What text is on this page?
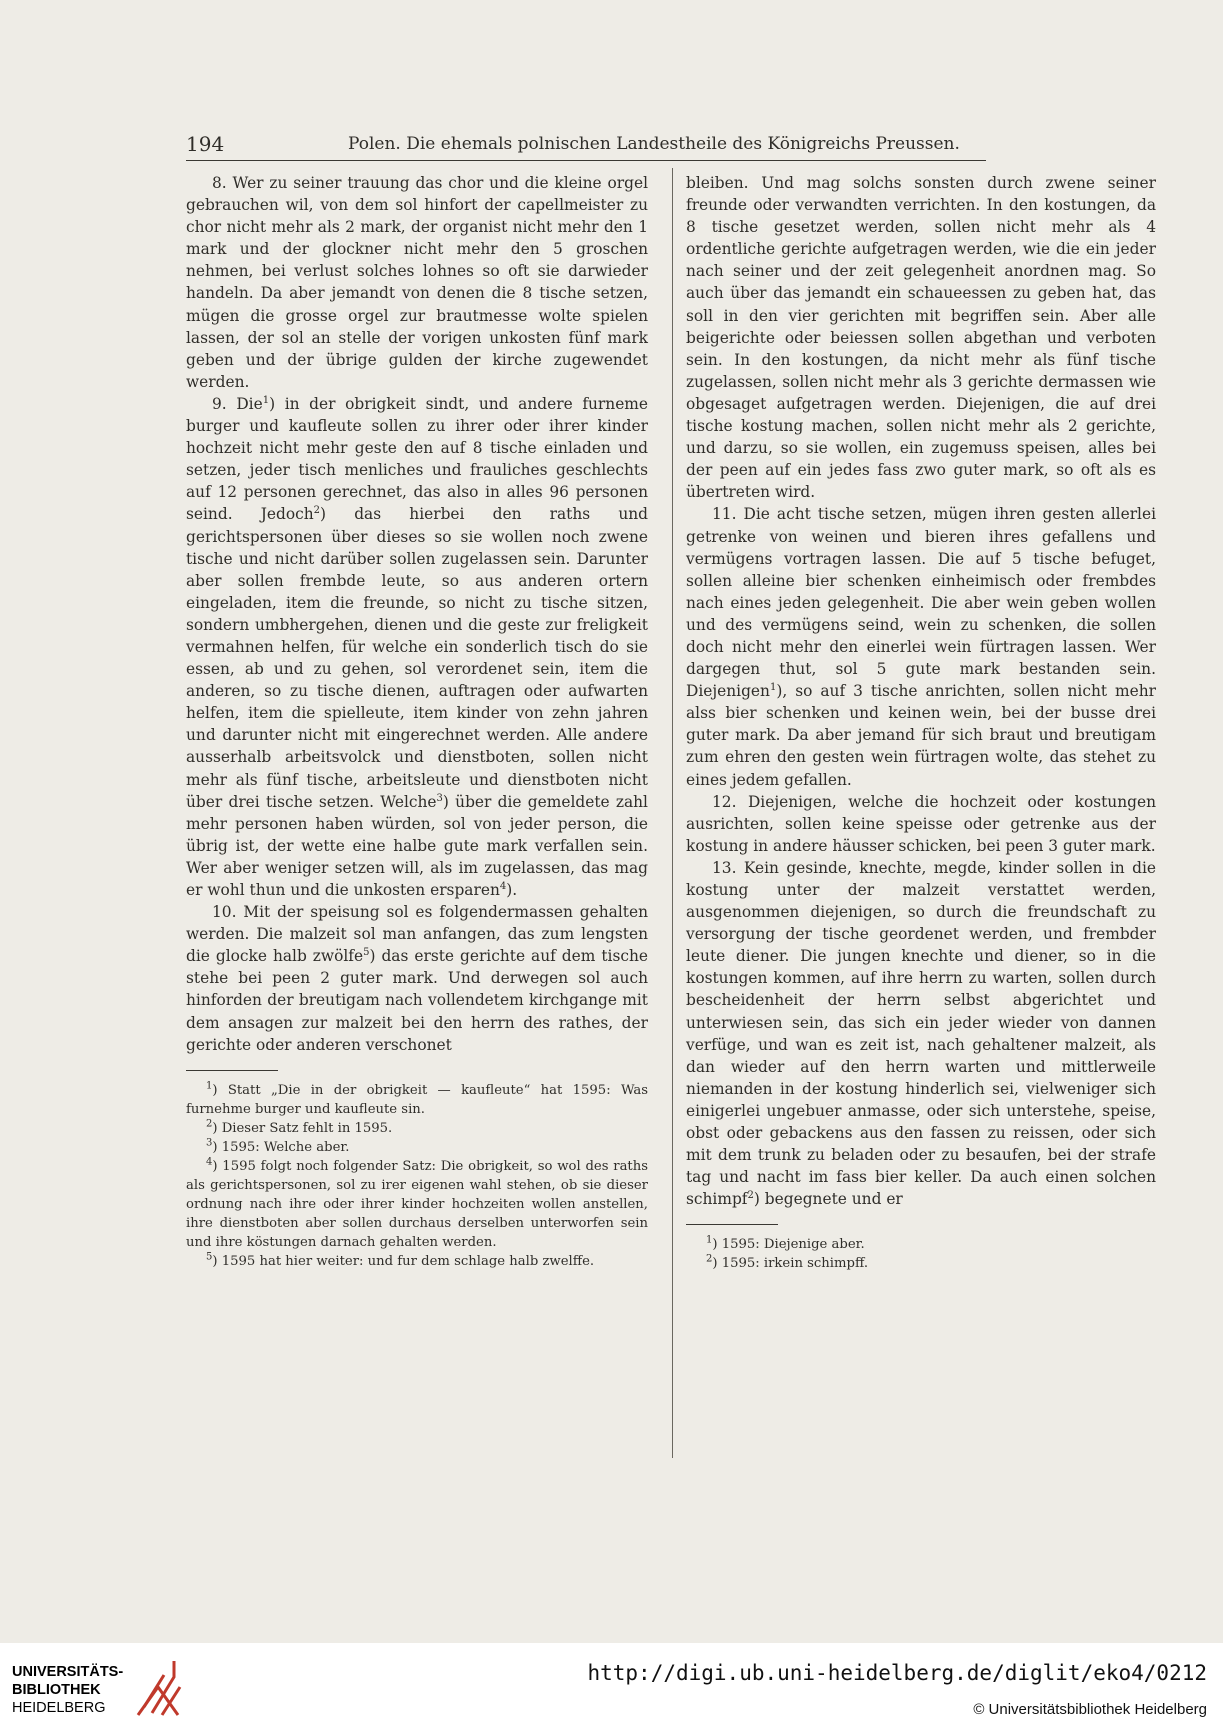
194	Polen. Die ehemals polnischen Landestheile des Königreichs Preussen.

8. Wer zu seiner trauung das chor und die kleine orgel gebrauchen wil, von dem sol hinfort der capellmeister zu chor nicht mehr als 2 mark, der organist nicht mehr den 1 mark und der glockner nicht mehr den 5 groschen nehmen, bei verlust solches lohnes so oft sie darwieder handeln. Da aber jemandt von denen die 8 tische setzen, mügen die grosse orgel zur brautmesse wolte spielen lassen, der sol an stelle der vorigen unkosten fünf mark geben und der übrige gulden der kirche zugewendet werden.

9. Die$^1$) in der obrigkeit sindt, und andere furneme burger und kaufleute sollen zu ihrer oder ihrer kinder hochzeit nicht mehr geste den auf 8 tische einladen und setzen, jeder tisch menliches und frauliches geschlechts auf 12 personen gerechnet, das also in alles 96 personen seind. Jedoch$^2$) das hierbei den raths und gerichtspersonen über dieses so sie wollen noch zwene tische und nicht darüber sollen zugelassen sein. Darunter aber sollen frembde leute, so aus anderen ortern eingeladen, item die freunde, so nicht zu tische sitzen, sondern umbhergehen, dienen und die geste zur freligkeit vermahnen helfen, für welche ein sonderlich tisch do sie essen, ab und zu gehen, sol verordenet sein, item die anderen, so zu tische dienen, auftragen oder aufwarten helfen, item die spielleute, item kinder von zehn jahren und darunter nicht mit eingerechnet werden. Alle andere ausserhalb arbeitsvolck und dienstboten, sollen nicht mehr als fünf tische, arbeitsleute und dienstboten nicht über drei tische setzen. Welche$^3$) über die gemeldete zahl mehr personen haben würden, sol von jeder person, die übrig ist, der wette eine halbe gute mark verfallen sein. Wer aber weniger setzen will, als im zugelassen, das mag er wohl thun und die unkosten ersparen$^4$).

10. Mit der speisung sol es folgendermassen gehalten werden. Die malzeit sol man anfangen, das zum lengsten die glocke halb zwölfe$^5$) das erste gerichte auf dem tische stehe bei peen 2 guter mark. Und derwegen sol auch hinforden der breutigam nach vollendetem kirchgange mit dem ansagen zur malzeit bei den herrn des rathes, der gerichte oder anderen verschonet

$^1$) Statt „Die in der obrigkeit — kaufleute“ hat 1595: Was furnehme burger und kaufleute sin.

$^2$) Dieser Satz fehlt in 1595.

$^3$) 1595: Welche aber.

$^4$) 1595 folgt noch folgender Satz: Die obrigkeit, so wol des raths als gerichtspersonen, sol zu irer eigenen wahl stehen, ob sie dieser ordnung nach ihre oder ihrer kinder hochzeiten wollen anstellen, ihre dienstboten aber sollen durchaus derselben unterworfen sein und ihre köstungen darnach gehalten werden.

$^5$) 1595 hat hier weiter: und fur dem schlage halb zwelffe.

bleiben. Und mag solchs sonsten durch zwene seiner freunde oder verwandten verrichten. In den kostungen, da 8 tische gesetzet werden, sollen nicht mehr als 4 ordentliche gerichte aufgetragen werden, wie die ein jeder nach seiner und der zeit gelegenheit anordnen mag. So auch über das jemandt ein schaueessen zu geben hat, das soll in den vier gerichten mit begriffen sein. Aber alle beigerichte oder beiessen sollen abgethan und verboten sein. In den kostungen, da nicht mehr als fünf tische zugelassen, sollen nicht mehr als 3 gerichte dermassen wie obgesaget aufgetragen werden. Diejenigen, die auf drei tische kostung machen, sollen nicht mehr als 2 gerichte, und darzu, so sie wollen, ein zugemuss speisen, alles bei der peen auf ein jedes fass zwo guter mark, so oft als es übertreten wird.

11. Die acht tische setzen, mügen ihren gesten allerlei getrenke von weinen und bieren ihres gefallens und vermügens vortragen lassen. Die auf 5 tische befuget, sollen alleine bier schenken einheimisch oder frembdes nach eines jeden gelegenheit. Die aber wein geben wollen und des vermügens seind, wein zu schenken, die sollen doch nicht mehr den einerlei wein fürtragen lassen. Wer dargegen thut, sol 5 gute mark bestanden sein. Diejenigen$^1$), so auf 3 tische anrichten, sollen nicht mehr alss bier schenken und keinen wein, bei der busse drei guter mark. Da aber jemand für sich braut und breutigam zum ehren den gesten wein fürtragen wolte, das stehet zu eines jedem gefallen.

12. Diejenigen, welche die hochzeit oder kostungen ausrichten, sollen keine speisse oder getrenke aus der kostung in andere häusser schicken, bei peen 3 guter mark.

13. Kein gesinde, knechte, megde, kinder sollen in die kostung unter der malzeit verstattet werden, ausgenommen diejenigen, so durch die freundschaft zu versorgung der tische geordenet werden, und frembder leute diener. Die jungen knechte und diener, so in die kostungen kommen, auf ihre herrn zu warten, sollen durch bescheidenheit der herrn selbst abgerichtet und unterwiesen sein, das sich ein jeder wieder von dannen verfüge, und wan es zeit ist, nach gehaltener malzeit, als dan wieder auf den herrn warten und mittlerweile niemanden in der kostung hinderlich sei, vielweniger sich einigerlei ungebuer anmasse, oder sich unterstehe, speise, obst oder gebackens aus den fassen zu reissen, oder sich mit dem trunk zu beladen oder zu besaufen, bei der strafe tag und nacht im fass bier keller. Da auch einen solchen schimpf$^2$) begegnete und er

$^1$) 1595: Diejenige aber.

$^2$) 1595: irkein schimpff.

UNIVERSITÄTS-
BIBLIOTHEK
HEIDELBERG
http://digi.ub.uni-heidelberg.de/diglit/eko4/0212
© Universitätsbibliothek Heidelberg
